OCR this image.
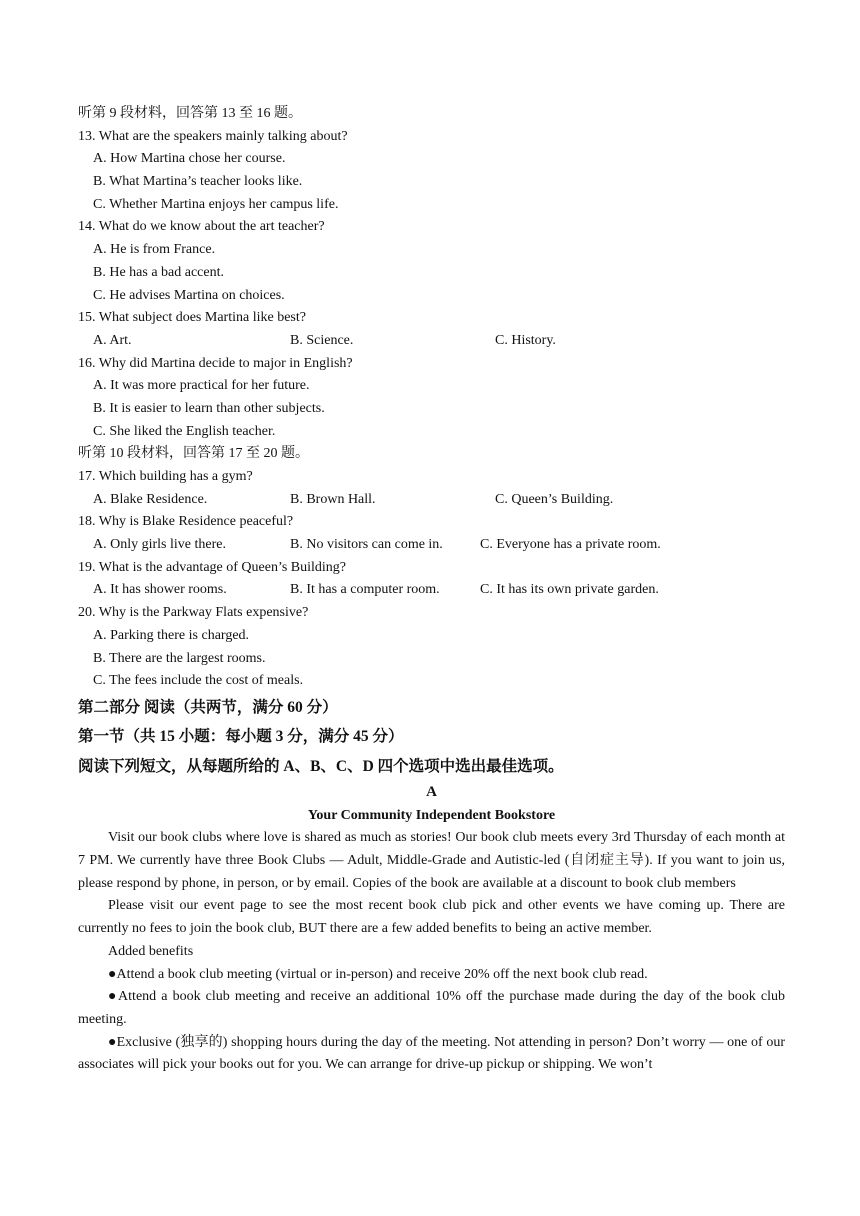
听第 9 段材料，回答第 13 至 16 题。
13. What are the speakers mainly talking about?
A. How Martina chose her course.
B. What Martina’s teacher looks like.
C. Whether Martina enjoys her campus life.
14. What do we know about the art teacher?
A. He is from France.
B. He has a bad accent.
C. He advises Martina on choices.
15. What subject does Martina like best?
A. Art.	B. Science.	C. History.
16. Why did Martina decide to major in English?
A. It was more practical for her future.
B. It is easier to learn than other subjects.
C. She liked the English teacher.
听第 10 段材料，回答第 17 至 20 题。
17. Which building has a gym?
A. Blake Residence.	B. Brown Hall.	C. Queen’s Building.
18. Why is Blake Residence peaceful?
A. Only girls live there.	B. No visitors can come in.	C. Everyone has a private room.
19. What is the advantage of Queen’s Building?
A. It has shower rooms.	B. It has a computer room.	C. It has its own private garden.
20. Why is the Parkway Flats expensive?
A. Parking there is charged.
B. There are the largest rooms.
C. The fees include the cost of meals.
第二部分 阅读（共两节，满分 60 分）
第一节（共 15 小题：每小题 3 分，满分 45 分）
阅读下列短文，从每题所给的 A、B、C、D 四个选项中选出最佳选项。
A
Your Community Independent Bookstore

Visit our book clubs where love is shared as much as stories! Our book club meets every 3rd Thursday of each month at 7 PM. We currently have three Book Clubs — Adult, Middle-Grade and Autistic-led (自闭症主导). If you want to join us, please respond by phone, in person, or by email. Copies of the book are available at a discount to book club members

Please visit our event page to see the most recent book club pick and other events we have coming up. There are currently no fees to join the book club, BUT there are a few added benefits to being an active member.

Added benefits

●Attend a book club meeting (virtual or in-person) and receive 20% off the next book club read.

●Attend a book club meeting and receive an additional 10% off the purchase made during the day of the book club meeting.

●Exclusive (独享的) shopping hours during the day of the meeting. Not attending in person? Don’t worry — one of our associates will pick your books out for you. We can arrange for drive-up pickup or shipping. We won’t
